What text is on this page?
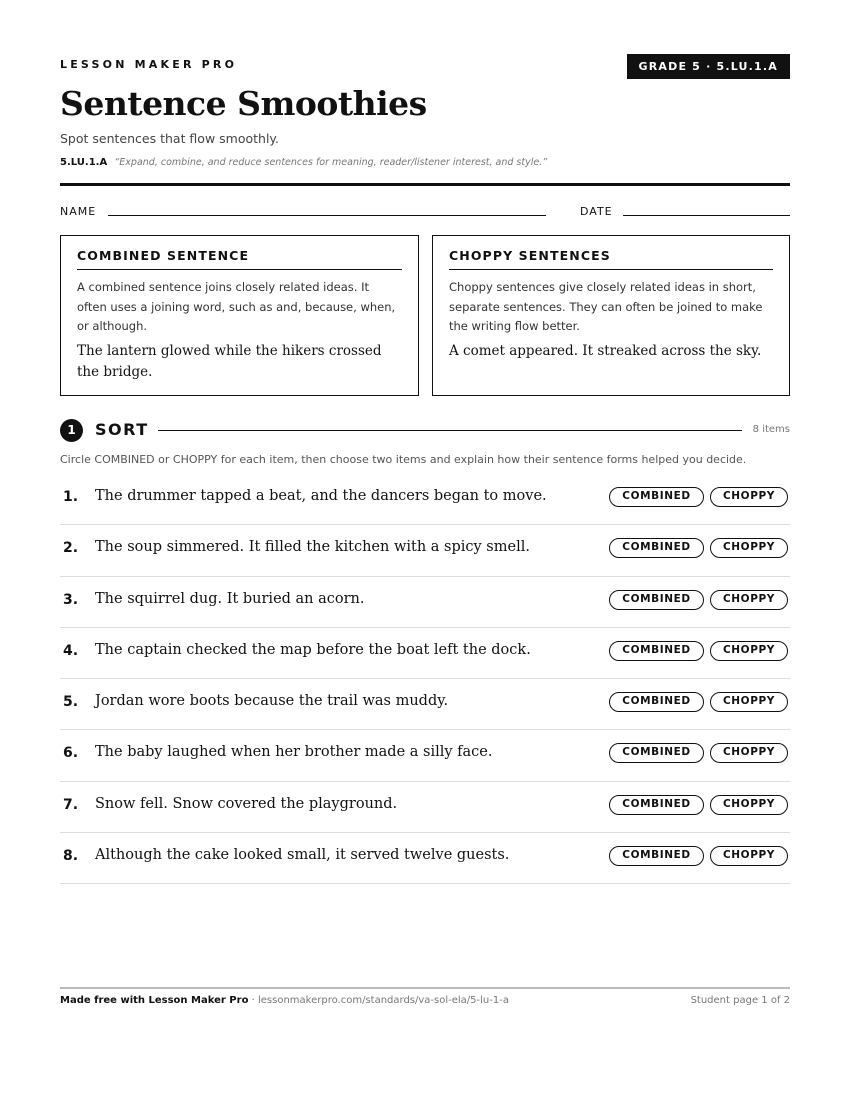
LESSON MAKER PRO	GRADE 5 · 5.LU.1.A
Sentence Smoothies
Spot sentences that flow smoothly.
5.LU.1.A “Expand, combine, and reduce sentences for meaning, reader/listener interest, and style.”
NAME	DATE
COMBINED SENTENCE
A combined sentence joins closely related ideas. It often uses a joining word, such as and, because, when, or although.
The lantern glowed while the hikers crossed the bridge.
CHOPPY SENTENCES
Choppy sentences give closely related ideas in short, separate sentences. They can often be joined to make the writing flow better.
A comet appeared. It streaked across the sky.
1	SORT	8 items
Circle COMBINED or CHOPPY for each item, then choose two items and explain how their sentence forms helped you decide.
1. The drummer tapped a beat, and the dancers began to move.	COMBINED	CHOPPY
2. The soup simmered. It filled the kitchen with a spicy smell.	COMBINED	CHOPPY
3. The squirrel dug. It buried an acorn.	COMBINED	CHOPPY
4. The captain checked the map before the boat left the dock.	COMBINED	CHOPPY
5. Jordan wore boots because the trail was muddy.	COMBINED	CHOPPY
6. The baby laughed when her brother made a silly face.	COMBINED	CHOPPY
7. Snow fell. Snow covered the playground.	COMBINED	CHOPPY
8. Although the cake looked small, it served twelve guests.	COMBINED	CHOPPY
Made free with Lesson Maker Pro · lessonmakerpro.com/standards/va-sol-ela/5-lu-1-a	Student page 1 of 2
